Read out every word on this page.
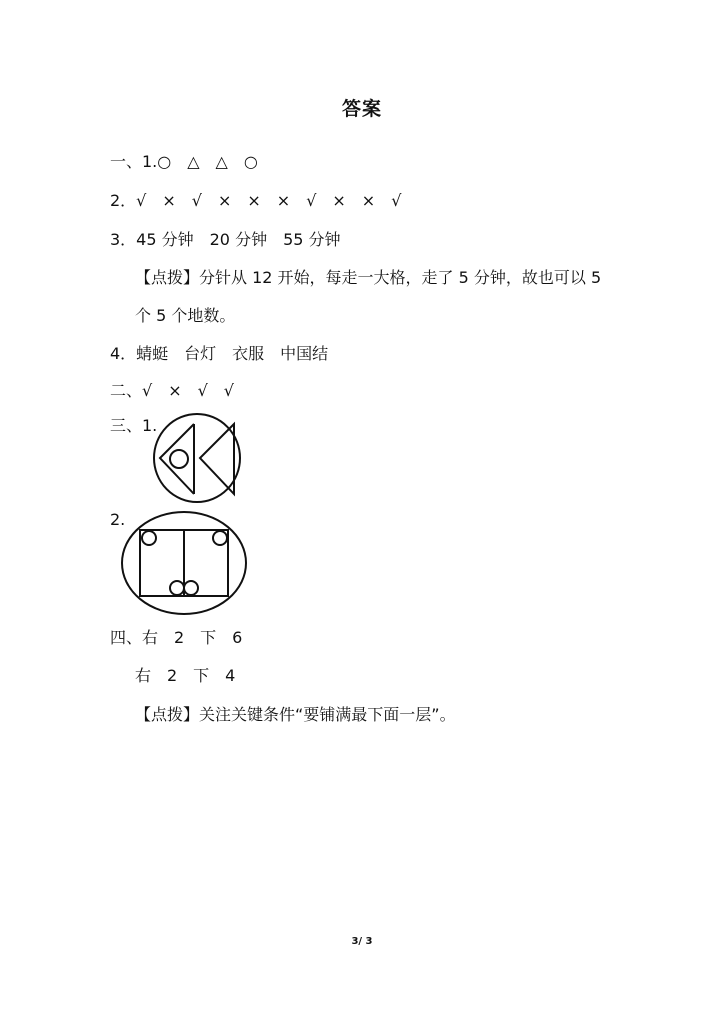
答案
一、1.○　△　△　○
2．√　×　√　×　×　×　√　×　×　√
3．45 分钟　20 分钟　55 分钟
【点拨】分针从 12 开始，每走一大格，走了 5 分钟，故也可以 5
个 5 个地数。
4．蜻蜓　台灯　衣服　中国结
二、√　×　√　√
三、1.
2.
四、右　2　下　6
右　2　下　4
【点拨】关注关键条件“要铺满最下面一层”。
3/ 3
